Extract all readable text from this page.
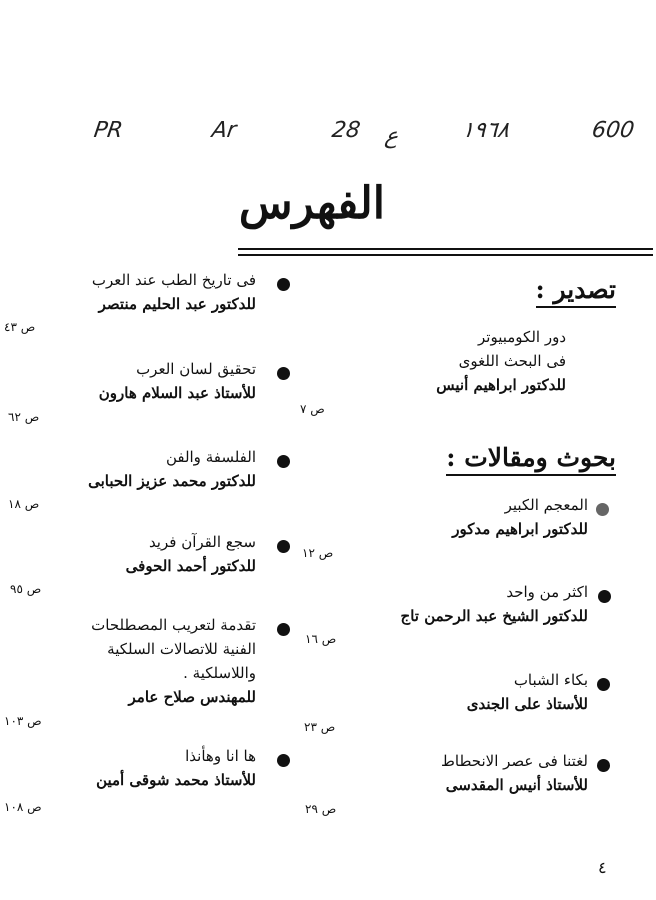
600
١٩٦٨
ع
28
Ar
PR
الفهرس
تصدير :
دور الكومبيوتر
فى البحث اللغوى
للدكتور ابراهيم أنيس
ص ٧
بحوث ومقالات :
المعجم الكبير
للدكتور ابراهيم مدكور
ص ١٢
اكثر من واحد
للدكتور الشيخ عبد الرحمن تاج
ص ١٦
بكاء الشباب
للأستاذ على الجندى
ص ٢٣
لغتنا فى عصر الانحطاط
للأستاذ أنيس المقدسى
ص ٢٩
فى تاريخ الطب عند العرب
للدكتور عبد الحليم منتصر
ص ٤٣
تحقيق لسان العرب
للأستاذ عبد السلام هارون
ص ٦٢
الفلسفة والفن
للدكتور محمد عزيز الحبابى
ص ١٨
سجع القرآن فريد
للدكتور أحمد الحوفى
ص ٩٥
تقدمة لتعريب المصطلحات
الفنية للاتصالات السلكية
واللاسلكية .
للمهندس صلاح عامر
ص ١٠٣
ها انا وهأنذا
للأستاذ محمد شوقى أمين
ص ١٠٨
٤
